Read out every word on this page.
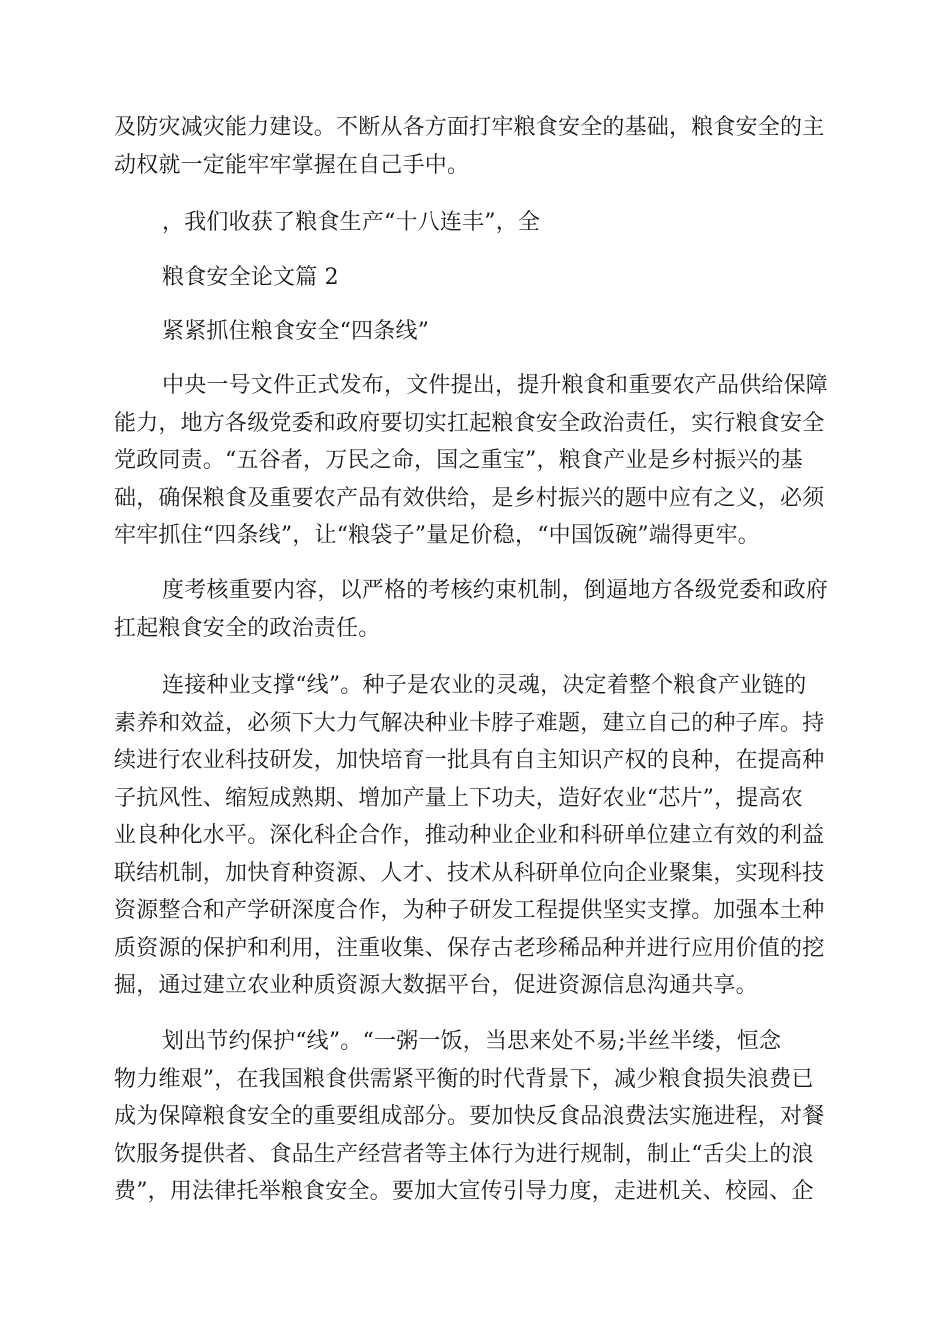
及防灾减灾能力建设。不断从各方面打牢粮食安全的基础，粮食安全的主
动权就一定能牢牢掌握在自己手中。
，我们收获了粮食生产“十八连丰”，全
粮食安全论文篇 2
紧紧抓住粮食安全“四条线”
中央一号文件正式发布，文件提出，提升粮食和重要农产品供给保障
能力，地方各级党委和政府要切实扛起粮食安全政治责任，实行粮食安全
党政同责。“五谷者，万民之命，国之重宝”，粮食产业是乡村振兴的基
础，确保粮食及重要农产品有效供给，是乡村振兴的题中应有之义，必须
牢牢抓住“四条线”，让“粮袋子”量足价稳，“中国饭碗”端得更牢。
度考核重要内容，以严格的考核约束机制，倒逼地方各级党委和政府
扛起粮食安全的政治责任。
连接种业支撑“线”。种子是农业的灵魂，决定着整个粮食产业链的
素养和效益，必须下大力气解决种业卡脖子难题，建立自己的种子库。持
续进行农业科技研发，加快培育一批具有自主知识产权的良种，在提高种
子抗风性、缩短成熟期、增加产量上下功夫，造好农业“芯片”，提高农
业良种化水平。深化科企合作，推动种业企业和科研单位建立有效的利益
联结机制，加快育种资源、人才、技术从科研单位向企业聚集，实现科技
资源整合和产学研深度合作，为种子研发工程提供坚实支撑。加强本土种
质资源的保护和利用，注重收集、保存古老珍稀品种并进行应用价值的挖
掘，通过建立农业种质资源大数据平台，促进资源信息沟通共享。
划出节约保护“线”。“一粥一饭，当思来处不易;半丝半缕，恒念
物力维艰”，在我国粮食供需紧平衡的时代背景下，减少粮食损失浪费已
成为保障粮食安全的重要组成部分。要加快反食品浪费法实施进程，对餐
饮服务提供者、食品生产经营者等主体行为进行规制，制止“舌尖上的浪
费”，用法律托举粮食安全。要加大宣传引导力度，走进机关、校园、企
